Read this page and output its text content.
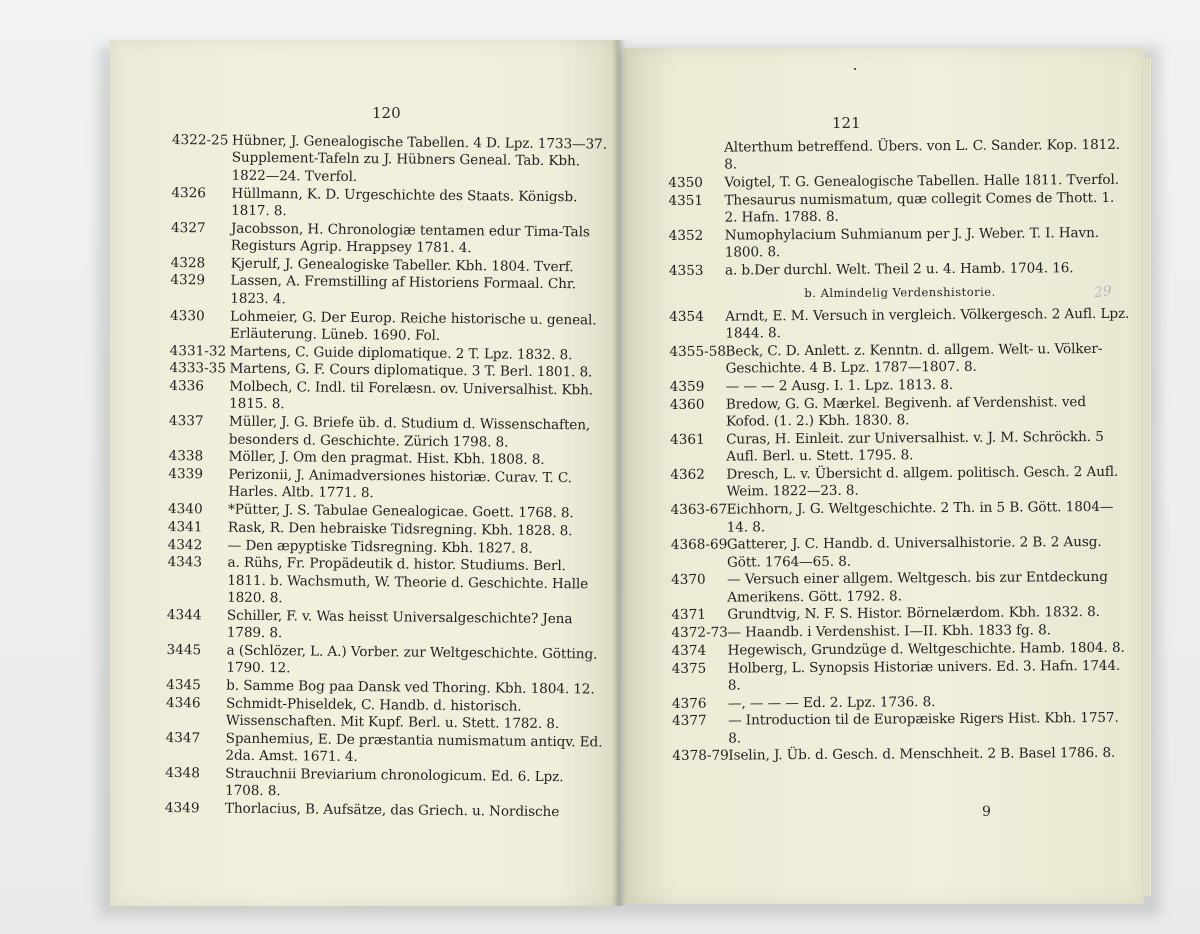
120
4322-25 Hübner, J. Genealogische Tabellen. 4 D. Lpz. 1733—37. Supplement-Tafeln zu J. Hübners Geneal. Tab. Kbh. 1822—24. Tverfol.
4326	Hüllmann, K. D. Urgeschichte des Staats. Königsb. 1817. 8.
4327	Jacobsson, H. Chronologiæ tentamen edur Tima-Tals Registurs Agrip. Hrappsey 1781. 4.
4328	Kjerulf, J. Genealogiske Tabeller. Kbh. 1804. Tverf.
4329	Lassen, A. Fremstilling af Historiens Formaal. Chr. 1823. 4.
4330	Lohmeier, G. Der Europ. Reiche historische u. geneal. Erläuterung. Lüneb. 1690. Fol.
4331-32 Martens, C. Guide diplomatique. 2 T. Lpz. 1832. 8.
4333-35 Martens, G. F. Cours diplomatique. 3 T. Berl. 1801. 8.
4336	Molbech, C. Indl. til Forelæsn. ov. Universalhist. Kbh. 1815. 8.
4337	Müller, J. G. Briefe üb. d. Studium d. Wissenschaften, besonders d. Geschichte. Zürich 1798. 8.
4338	Möller, J. Om den pragmat. Hist. Kbh. 1808. 8.
4339	Perizonii, J. Animadversiones historiæ. Curav. T. C. Harles. Altb. 1771. 8.
4340	*Pütter, J. S. Tabulae Genealogicae. Goett. 1768. 8.
4341	Rask, R. Den hebraiske Tidsregning. Kbh. 1828. 8.
4342	— Den æpyptiske Tidsregning. Kbh. 1827. 8.
4343	a. Rühs, Fr. Propädeutik d. histor. Studiums. Berl. 1811. b. Wachsmuth, W. Theorie d. Geschichte. Halle 1820. 8.
4344	Schiller, F. v. Was heisst Universalgeschichte? Jena 1789. 8.
3445	a (Schlözer, L. A.) Vorber. zur Weltgeschichte. Götting. 1790. 12.
4345	b. Samme Bog paa Dansk ved Thoring. Kbh. 1804. 12.
4346	Schmidt-Phiseldek, C. Handb. d. historisch. Wissenschaften. Mit Kupf. Berl. u. Stett. 1782. 8.
4347	Spanhemius, E. De præstantia numismatum antiqv. Ed. 2da. Amst. 1671. 4.
4348	Strauchnii Breviarium chronologicum. Ed. 6. Lpz. 1708. 8.
4349	Thorlacius, B. Aufsätze, das Griech. u. Nordische
121
Alterthum betreffend. Übers. von L. C. Sander. Kop. 1812. 8.
4350	Voigtel, T. G. Genealogische Tabellen. Halle 1811. Tverfol.
4351	Thesaurus numismatum, quæ collegit Comes de Thott. 1. 2. Hafn. 1788. 8.
4352	Numophylacium Suhmianum per J. J. Weber. T. I. Havn. 1800. 8.
4353	a. b.Der durchl. Welt. Theil 2 u. 4. Hamb. 1704. 16.
b. Almindelig Verdenshistorie.
4354	Arndt, E. M. Versuch in vergleich. Völkergesch. 2 Aufl. Lpz. 1844. 8.
4355-58 Beck, C. D. Anlett. z. Kenntn. d. allgem. Welt- u. Völker-Geschichte. 4 B. Lpz. 1787—1807. 8.
4359	— — — 2 Ausg. I. 1. Lpz. 1813. 8.
4360	Bredow, G. G. Mærkel. Begivenh. af Verdenshist. ved Kofod. (1. 2.) Kbh. 1830. 8.
4361	Curas, H. Einleit. zur Universalhist. v. J. M. Schröckh. 5 Aufl. Berl. u. Stett. 1795. 8.
4362	Dresch, L. v. Übersicht d. allgem. politisch. Gesch. 2 Aufl. Weim. 1822—23. 8.
4363-67 Eichhorn, J. G. Weltgeschichte. 2 Th. in 5 B. Gött. 1804—14. 8.
4368-69 Gatterer, J. C. Handb. d. Universalhistorie. 2 B. 2 Ausg. Gött. 1764—65. 8.
4370	— Versuch einer allgem. Weltgesch. bis zur Entdeckung Amerikens. Gött. 1792. 8.
4371	Grundtvig, N. F. S. Histor. Börnelærdom. Kbh. 1832. 8.
4372-73 — Haandb. i Verdenshist. I—II. Kbh. 1833 fg. 8.
4374	Hegewisch, Grundzüge d. Weltgeschichte. Hamb. 1804. 8.
4375	Holberg, L. Synopsis Historiæ univers. Ed. 3. Hafn. 1744. 8.
4376	—, — — — Ed. 2. Lpz. 1736. 8.
4377	— Introduction til de Europæiske Rigers Hist. Kbh. 1757. 8.
4378-79 Iselin, J. Üb. d. Gesch. d. Menschheit. 2 B. Basel 1786. 8.
29
9
